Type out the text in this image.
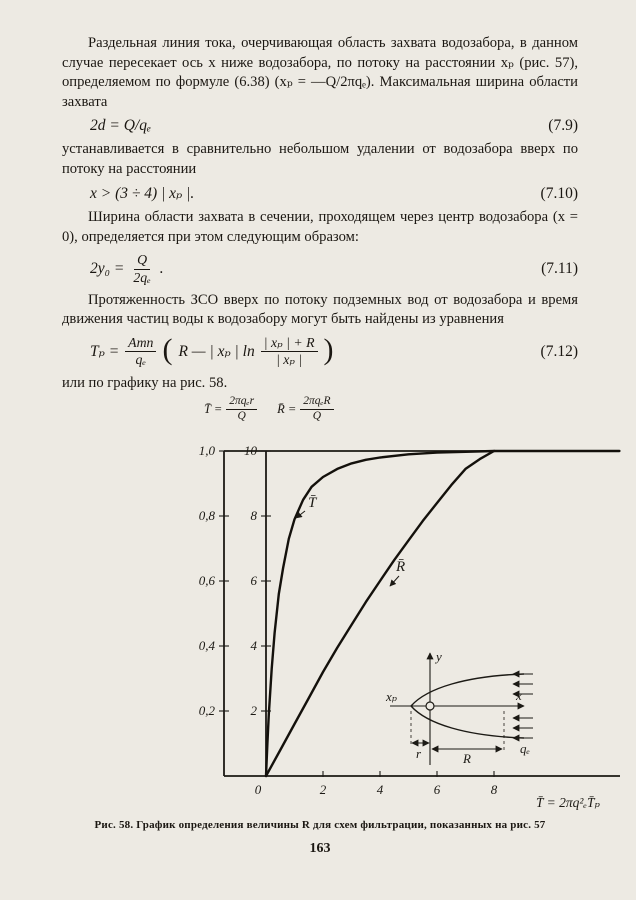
Раздельная линия тока, очерчивающая область захвата водозабора, в данном случае пересекает ось x ниже водозабора, по потоку на расстоянии xₚ (рис. 57), определяемом по формуле (6.38) (xₚ = —Q/2πqₑ). Максимальная ширина области захвата

2d = Q/qₑ	(7.9)

устанавливается в сравнительно небольшом удалении от водозабора вверх по потоку на расстоянии

x > (3 ÷ 4) | xₚ |.	(7.10)

Ширина области захвата в сечении, проходящем через центр водозабора (x = 0), определяется при этом следующим образом:

$2y_0 = \frac{Q}{\text{2qₑ}}$ .	(7.11)

Протяженность ЗСО вверх по потоку подземных вод от водозабора и время движения частиц воды к водозабору могут быть найдены из уравнения

$T_p = \frac{\text{Amn}}{\text{qₑ}}$ ( R — | xₚ | $\ln \frac{\text{| xₚ | + R}}{\text{| xₚ |}}$ )	(7.12)

или по графику на рис. 58.

T̄ = $\frac{\text{2πqₑr}}{Q}$ R̄ = $\frac{\text{2πqₑR}}{Q}$
1,0 10
0,8	8
0,6	6
0,4	4
0,2	2
0	2	4	6	8
T̄
R̄
T̄ = 2πq²ₑT̄ₚ
y
x
xₚ
qₑ
r	R
Рис. 58. График определения величины R для схем фильтрации, показанных на рис. 57
163
